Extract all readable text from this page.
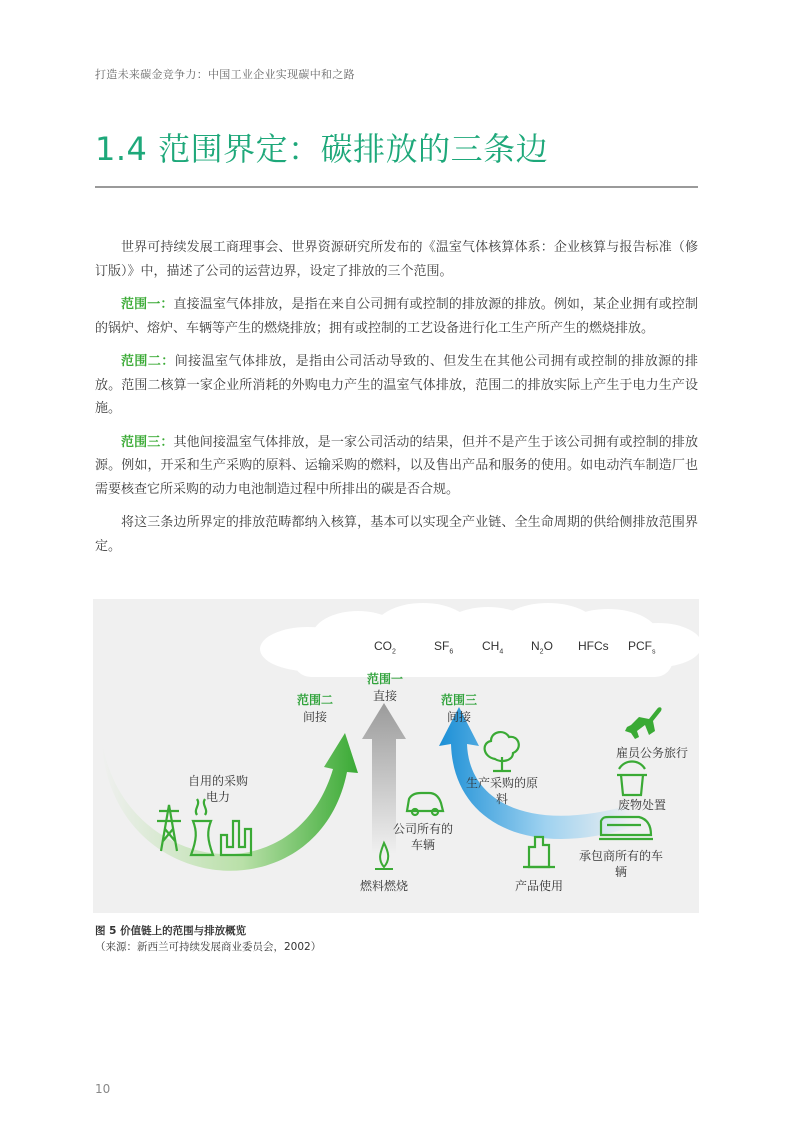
打造未来碳金竞争力：中国工业企业实现碳中和之路
1.4 范围界定：碳排放的三条边

世界可持续发展工商理事会、世界资源研究所发布的《温室气体核算体系：企业核算与报告标准（修订版）》中，描述了公司的运营边界，设定了排放的三个范围。

范围一：直接温室气体排放，是指在来自公司拥有或控制的排放源的排放。例如，某企业拥有或控制的锅炉、熔炉、车辆等产生的燃烧排放；拥有或控制的工艺设备进行化工生产所产生的燃烧排放。

范围二：间接温室气体排放，是指由公司活动导致的、但发生在其他公司拥有或控制的排放源的排放。范围二核算一家企业所消耗的外购电力产生的温室气体排放，范围二的排放实际上产生于电力生产设施。

范围三：其他间接温室气体排放，是一家公司活动的结果，但并不是产生于该公司拥有或控制的排放源。例如，开采和生产采购的原料、运输采购的燃料，以及售出产品和服务的使用。如电动汽车制造厂也需要核查它所采购的动力电池制造过程中所排出的碳是否合规。

将这三条边所界定的排放范畴都纳入核算，基本可以实现全产业链、全生命周期的供给侧排放范围界定。

$CO_2$	$SF_6$ $CH_4$ $N_2O$ HFCs $PCF_s$
范围一
直接
范围二
间接
范围三
间接
自用的采购电力
公司所有的车辆
燃料燃烧
生产采购的原料
产品使用
雇员公务旅行
废物处置
承包商所有的车辆
图 5 价值链上的范围与排放概览
（来源：新西兰可持续发展商业委员会，2002）
10
